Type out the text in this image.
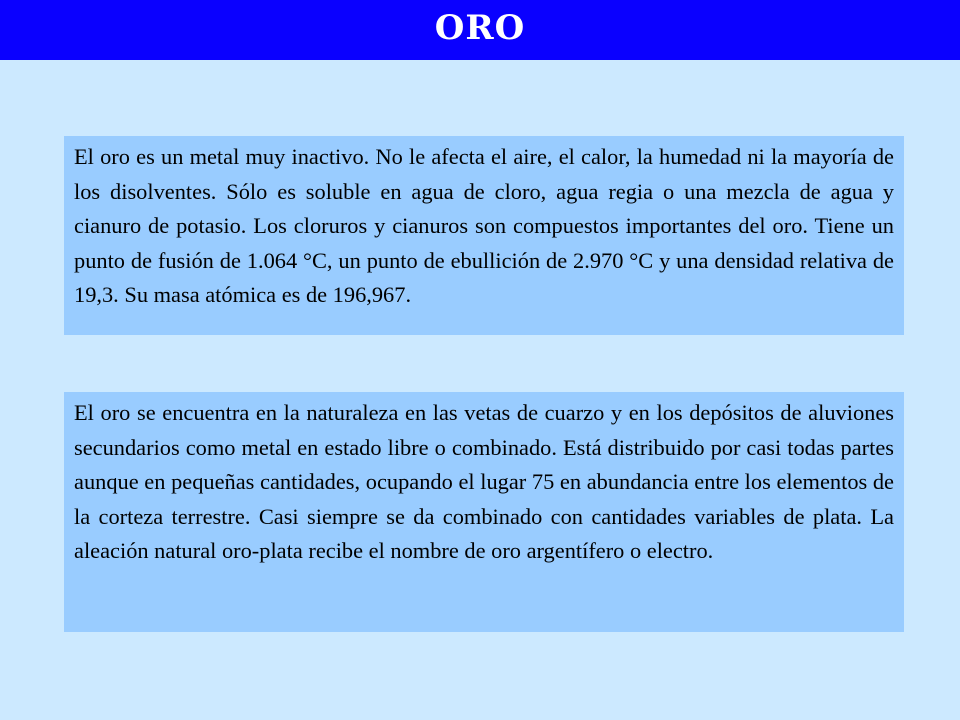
ORO

El oro es un metal muy inactivo. No le afecta el aire, el calor, la humedad ni la mayoría de los disolventes. Sólo es soluble en agua de cloro, agua regia o una mezcla de agua y cianuro de potasio. Los cloruros y cianuros son compuestos importantes del oro. Tiene un punto de fusión de 1.064 °C, un punto de ebullición de 2.970 °C y una densidad relativa de 19,3. Su masa atómica es de 196,967.

El oro se encuentra en la naturaleza en las vetas de cuarzo y en los depósitos de aluviones secundarios como metal en estado libre o combinado. Está distribuido por casi todas partes aunque en pequeñas cantidades, ocupando el lugar 75 en abundancia entre los elementos de la corteza terrestre. Casi siempre se da combinado con cantidades variables de plata. La aleación natural oro-plata recibe el nombre de oro argentífero o electro.
